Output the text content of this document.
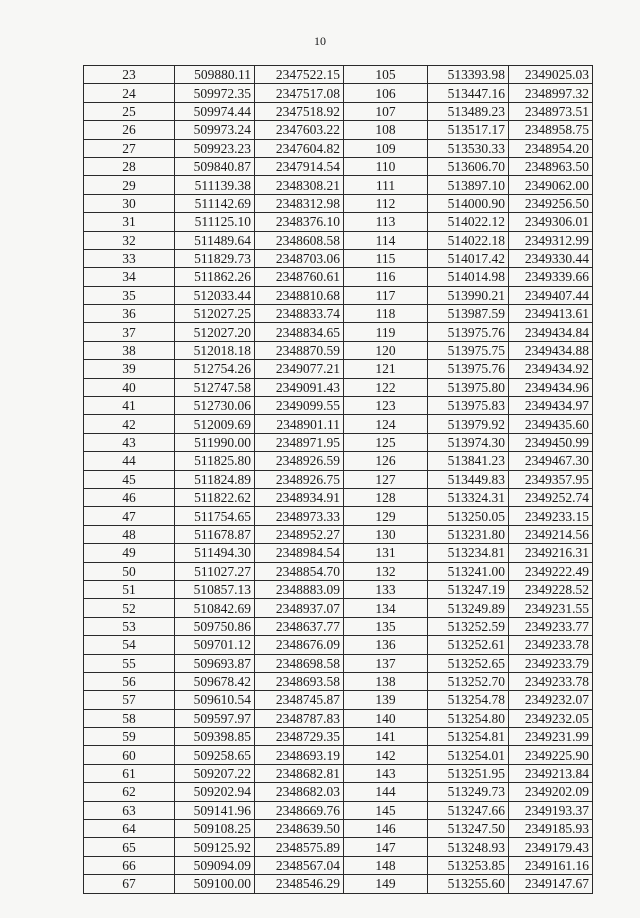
10
23	509880.11	2347522.15	105	513393.98	2349025.03
24	509972.35	2347517.08	106	513447.16	2348997.32
25	509974.44	2347518.92	107	513489.23	2348973.51
26	509973.24	2347603.22	108	513517.17	2348958.75
27	509923.23	2347604.82	109	513530.33	2348954.20
28	509840.87	2347914.54	110	513606.70	2348963.50
29	511139.38	2348308.21	111	513897.10	2349062.00
30	511142.69	2348312.98	112	514000.90	2349256.50
31	511125.10	2348376.10	113	514022.12	2349306.01
32	511489.64	2348608.58	114	514022.18	2349312.99
33	511829.73	2348703.06	115	514017.42	2349330.44
34	511862.26	2348760.61	116	514014.98	2349339.66
35	512033.44	2348810.68	117	513990.21	2349407.44
36	512027.25	2348833.74	118	513987.59	2349413.61
37	512027.20	2348834.65	119	513975.76	2349434.84
38	512018.18	2348870.59	120	513975.75	2349434.88
39	512754.26	2349077.21	121	513975.76	2349434.92
40	512747.58	2349091.43	122	513975.80	2349434.96
41	512730.06	2349099.55	123	513975.83	2349434.97
42	512009.69	2348901.11	124	513979.92	2349435.60
43	511990.00	2348971.95	125	513974.30	2349450.99
44	511825.80	2348926.59	126	513841.23	2349467.30
45	511824.89	2348926.75	127	513449.83	2349357.95
46	511822.62	2348934.91	128	513324.31	2349252.74
47	511754.65	2348973.33	129	513250.05	2349233.15
48	511678.87	2348952.27	130	513231.80	2349214.56
49	511494.30	2348984.54	131	513234.81	2349216.31
50	511027.27	2348854.70	132	513241.00	2349222.49
51	510857.13	2348883.09	133	513247.19	2349228.52
52	510842.69	2348937.07	134	513249.89	2349231.55
53	509750.86	2348637.77	135	513252.59	2349233.77
54	509701.12	2348676.09	136	513252.61	2349233.78
55	509693.87	2348698.58	137	513252.65	2349233.79
56	509678.42	2348693.58	138	513252.70	2349233.78
57	509610.54	2348745.87	139	513254.78	2349232.07
58	509597.97	2348787.83	140	513254.80	2349232.05
59	509398.85	2348729.35	141	513254.81	2349231.99
60	509258.65	2348693.19	142	513254.01	2349225.90
61	509207.22	2348682.81	143	513251.95	2349213.84
62	509202.94	2348682.03	144	513249.73	2349202.09
63	509141.96	2348669.76	145	513247.66	2349193.37
64	509108.25	2348639.50	146	513247.50	2349185.93
65	509125.92	2348575.89	147	513248.93	2349179.43
66	509094.09	2348567.04	148	513253.85	2349161.16
67	509100.00	2348546.29	149	513255.60	2349147.67
